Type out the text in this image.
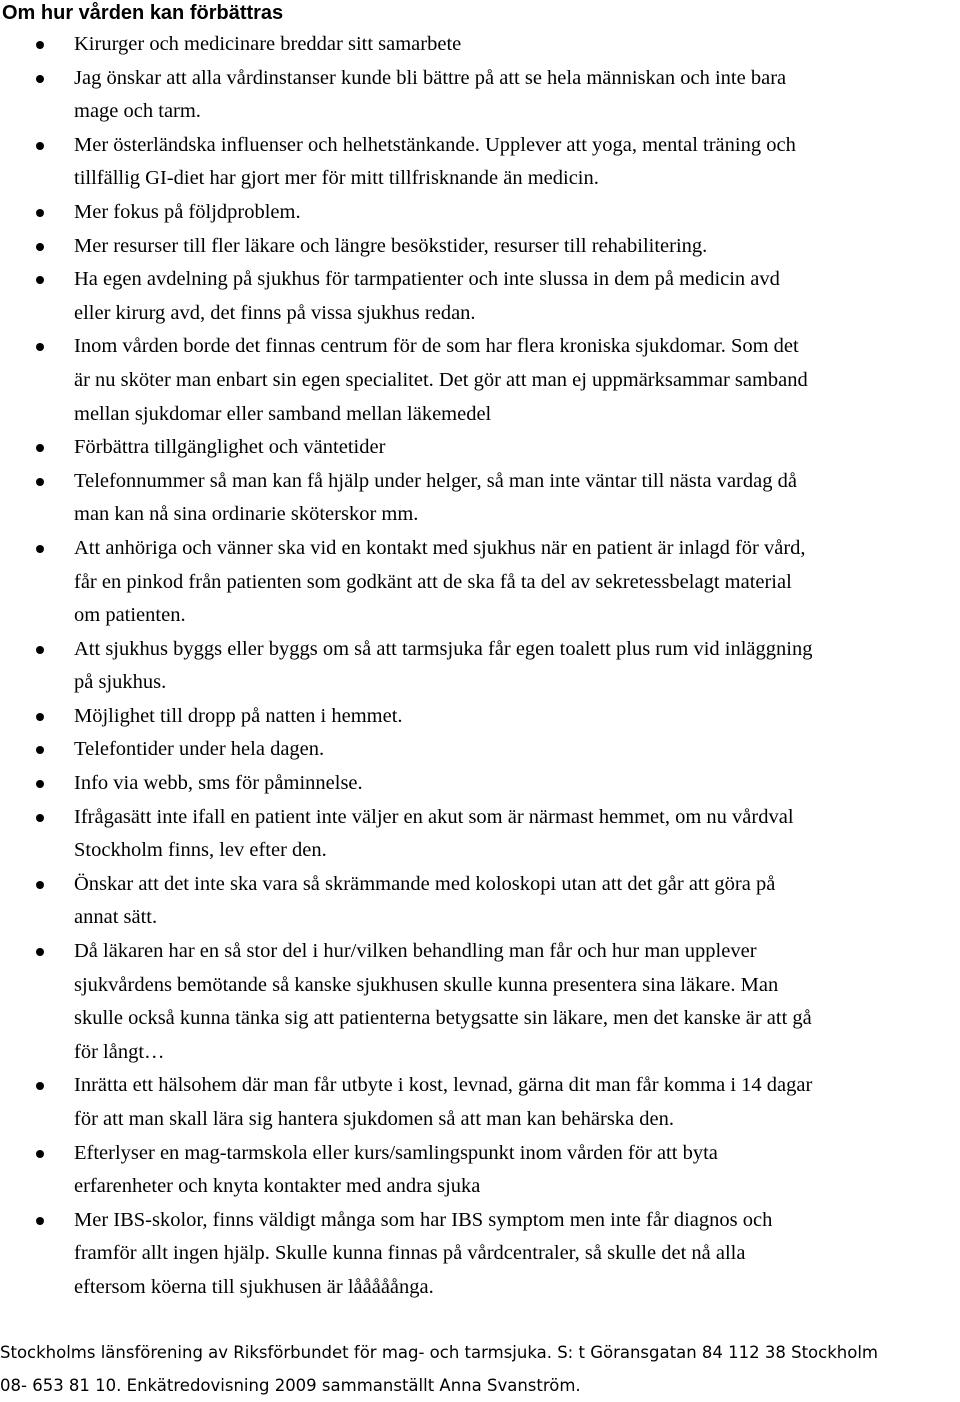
Om hur vården kan förbättras
Kirurger och medicinare breddar sitt samarbete
Jag önskar att alla vårdinstanser kunde bli bättre på att se hela människan och inte bara
mage och tarm.
Mer österländska influenser och helhetstänkande. Upplever att yoga, mental träning och
tillfällig GI-diet har gjort mer för mitt tillfrisknande än medicin.
Mer fokus på följdproblem.
Mer resurser till fler läkare och längre besökstider, resurser till rehabilitering.
Ha egen avdelning på sjukhus för tarmpatienter och inte slussa in dem på medicin avd
eller kirurg avd, det finns på vissa sjukhus redan.
Inom vården borde det finnas centrum för de som har flera kroniska sjukdomar. Som det
är nu sköter man enbart sin egen specialitet. Det gör att man ej uppmärksammar samband
mellan sjukdomar eller samband mellan läkemedel
Förbättra tillgänglighet och väntetider
Telefonnummer så man kan få hjälp under helger, så man inte väntar till nästa vardag då
man kan nå sina ordinarie sköterskor mm.
Att anhöriga och vänner ska vid en kontakt med sjukhus när en patient är inlagd för vård,
får en pinkod från patienten som godkänt att de ska få ta del av sekretessbelagt material
om patienten.
Att sjukhus byggs eller byggs om så att tarmsjuka får egen toalett plus rum vid inläggning
på sjukhus.
Möjlighet till dropp på natten i hemmet.
Telefontider under hela dagen.
Info via webb, sms för påminnelse.
Ifrågasätt inte ifall en patient inte väljer en akut som är närmast hemmet, om nu vårdval
Stockholm finns, lev efter den.
Önskar att det inte ska vara så skrämmande med koloskopi utan att det går att göra på
annat sätt.
Då läkaren har en så stor del i hur/vilken behandling man får och hur man upplever
sjukvårdens bemötande så kanske sjukhusen skulle kunna presentera sina läkare. Man
skulle också kunna tänka sig att patienterna betygsatte sin läkare, men det kanske är att gå
för långt…
Inrätta ett hälsohem där man får utbyte i kost, levnad, gärna dit man får komma i 14 dagar
för att man skall lära sig hantera sjukdomen så att man kan behärska den.
Efterlyser en mag-tarmskola eller kurs/samlingspunkt inom vården för att byta
erfarenheter och knyta kontakter med andra sjuka
Mer IBS-skolor, finns väldigt många som har IBS symptom men inte får diagnos och
framför allt ingen hjälp. Skulle kunna finnas på vårdcentraler, så skulle det nå alla
eftersom köerna till sjukhusen är lååååånga.
Stockholms länsförening av Riksförbundet för mag- och tarmsjuka. S: t Göransgatan 84 112 38 Stockholm
08- 653 81 10. Enkätredovisning 2009 sammanställt Anna Svanström.
